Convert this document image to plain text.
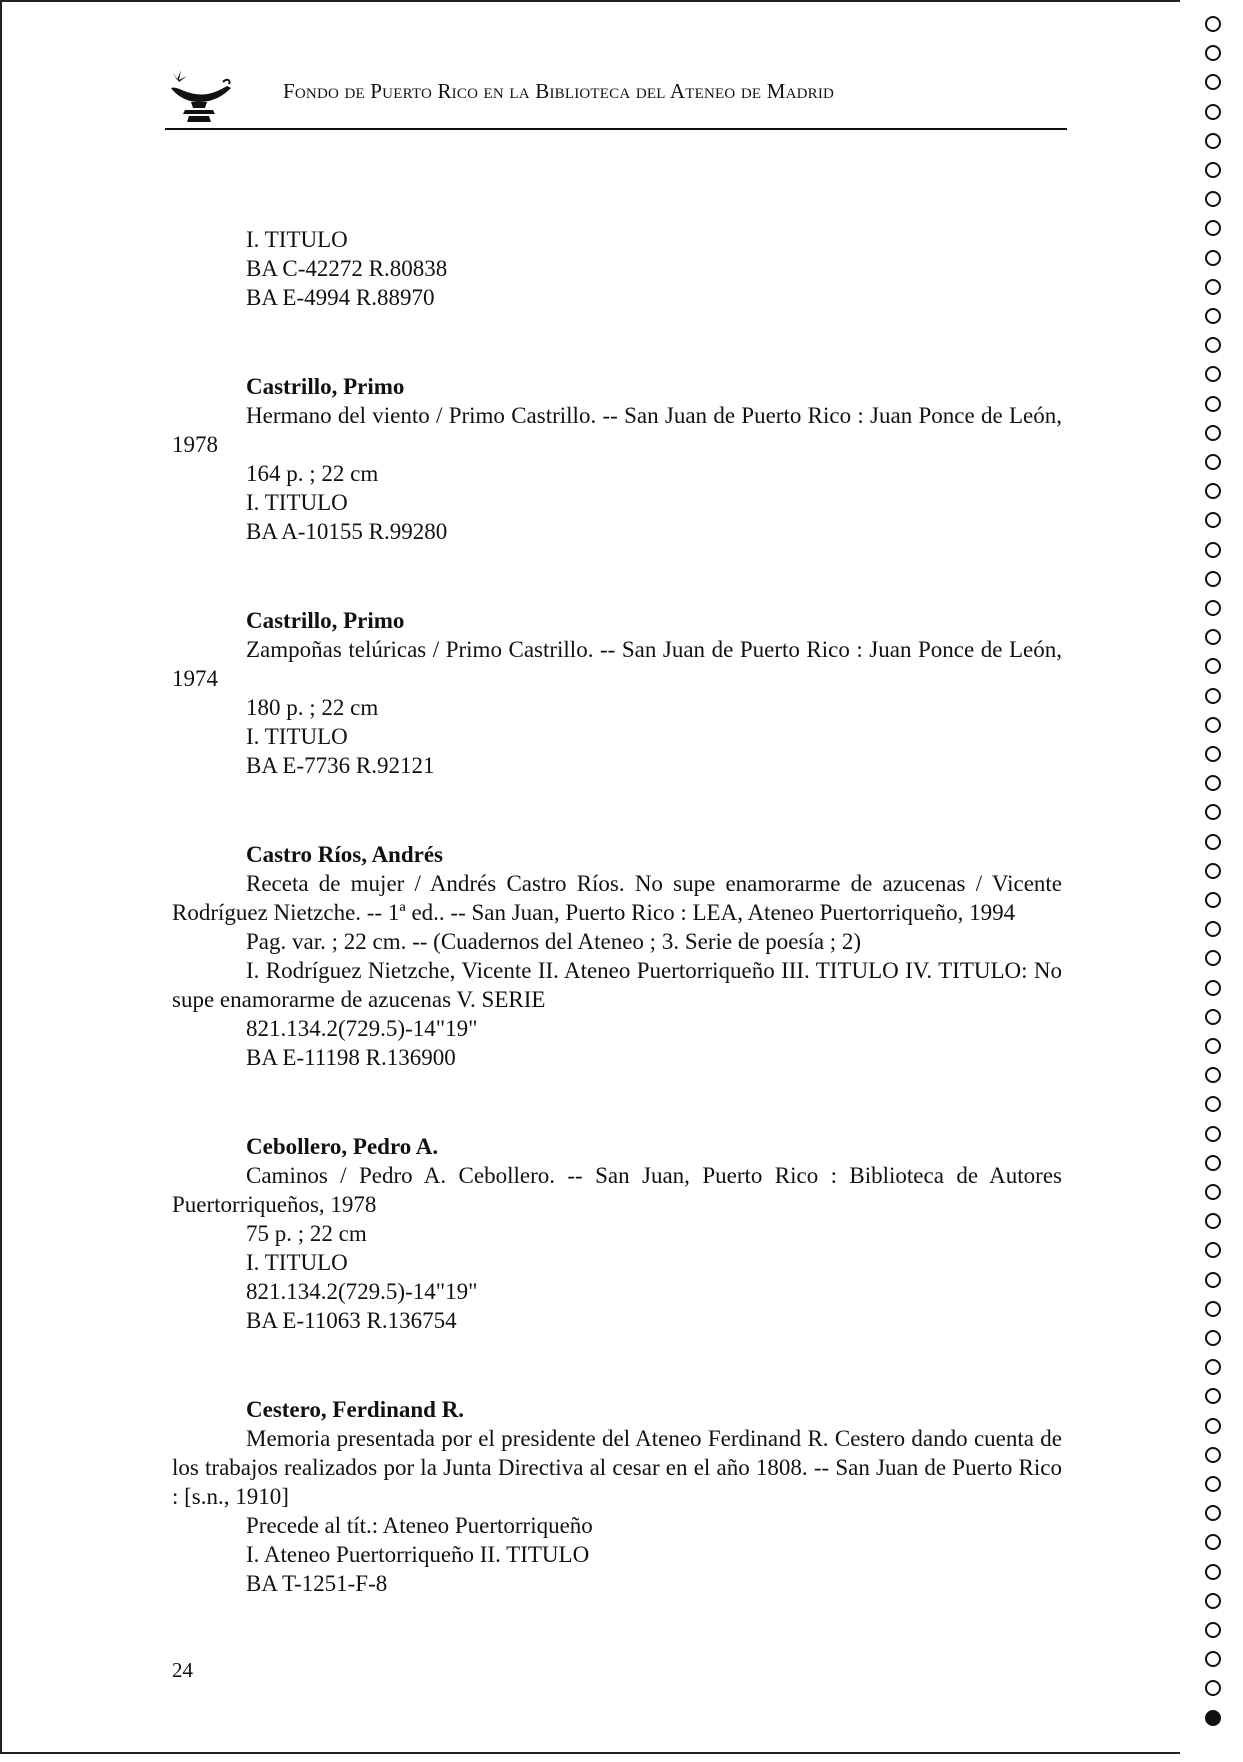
Fondo de Puerto Rico en la Biblioteca del Ateneo de Madrid

I. TITULO

BA C-42272 R.80838

BA E-4994 R.88970

Castrillo, Primo

Hermano del viento / Primo Castrillo. -- San Juan de Puerto Rico : Juan Ponce de León, 1978

164 p. ; 22 cm

I. TITULO

BA A-10155 R.99280

Castrillo, Primo

Zampoñas telúricas / Primo Castrillo. -- San Juan de Puerto Rico : Juan Ponce de León, 1974

180 p. ; 22 cm

I. TITULO

BA E-7736 R.92121

Castro Ríos, Andrés

Receta de mujer / Andrés Castro Ríos. No supe enamorarme de azucenas / Vicente Rodríguez Nietzche. -- 1ª ed.. -- San Juan, Puerto Rico : LEA, Ateneo Puertorriqueño, 1994

Pag. var. ; 22 cm. -- (Cuadernos del Ateneo ; 3. Serie de poesía ; 2)

I. Rodríguez Nietzche, Vicente II. Ateneo Puertorriqueño III. TITULO IV. TITULO: No supe enamorarme de azucenas V. SERIE

821.134.2(729.5)-14"19"

BA E-11198 R.136900

Cebollero, Pedro A.

Caminos / Pedro A. Cebollero. -- San Juan, Puerto Rico : Biblioteca de Autores Puertorriqueños, 1978

75 p. ; 22 cm

I. TITULO

821.134.2(729.5)-14"19"

BA E-11063 R.136754

Cestero, Ferdinand R.

Memoria presentada por el presidente del Ateneo Ferdinand R. Cestero dando cuenta de los trabajos realizados por la Junta Directiva al cesar en el año 1808. -- San Juan de Puerto Rico : [s.n., 1910]

Precede al tít.: Ateneo Puertorriqueño

I. Ateneo Puertorriqueño II. TITULO

BA T-1251-F-8

24
